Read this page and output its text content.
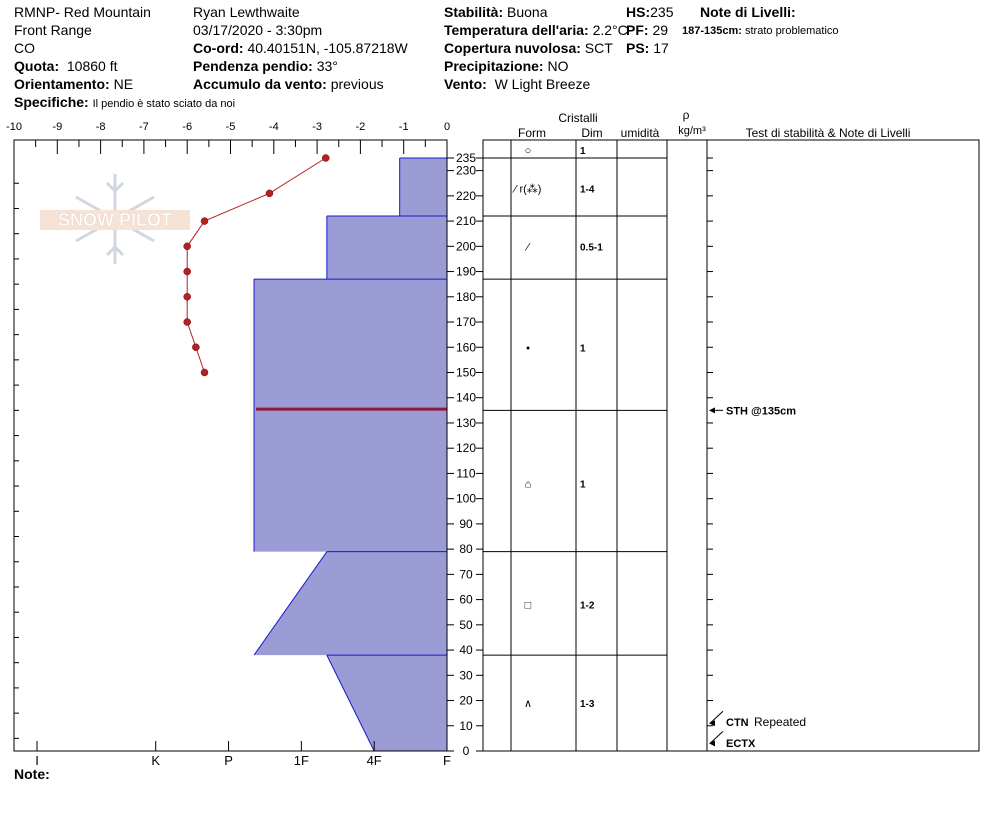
RMNP- Red Mountain
Front Range
CO
Quota: 10860 ft
Orientamento: NE
Specifiche: Il pendio è stato sciato da noi
Ryan Lewthwaite
03/17/2020 - 3:30pm
Co-ord: 40.40151N, -105.87218W
Pendenza pendio: 33°
Accumulo da vento: previous
Stabilità: Buona
Temperatura dell'aria: 2.2°C
Copertura nuvolosa: SCT
Precipitazione: NO
Vento: W Light Breeze
HS:235
PF: 29
PS: 17
Note di Livelli:
187-135cm: strato problematico
Note:
SNOW PILOT
-10	-9	-8	-7	-6	-5	-4	-3	-2	-1	0
0
10
20
30
40
50
60
70
80
90
100
110
120
130
140
150
160
170
180
190
200
210
220
230
235
I	K	P	1F	4F	F
Cristalli
Form	Dim umidità
ρ
kg/m³	Test di stabilità & Note di Livelli
○	1
⁄ r(⁂)	1-4
⁄	0.5-1
•	1
⌂	1
□	1-2
∧	1-3
STH @135cm
CTN Repeated
ECTX
